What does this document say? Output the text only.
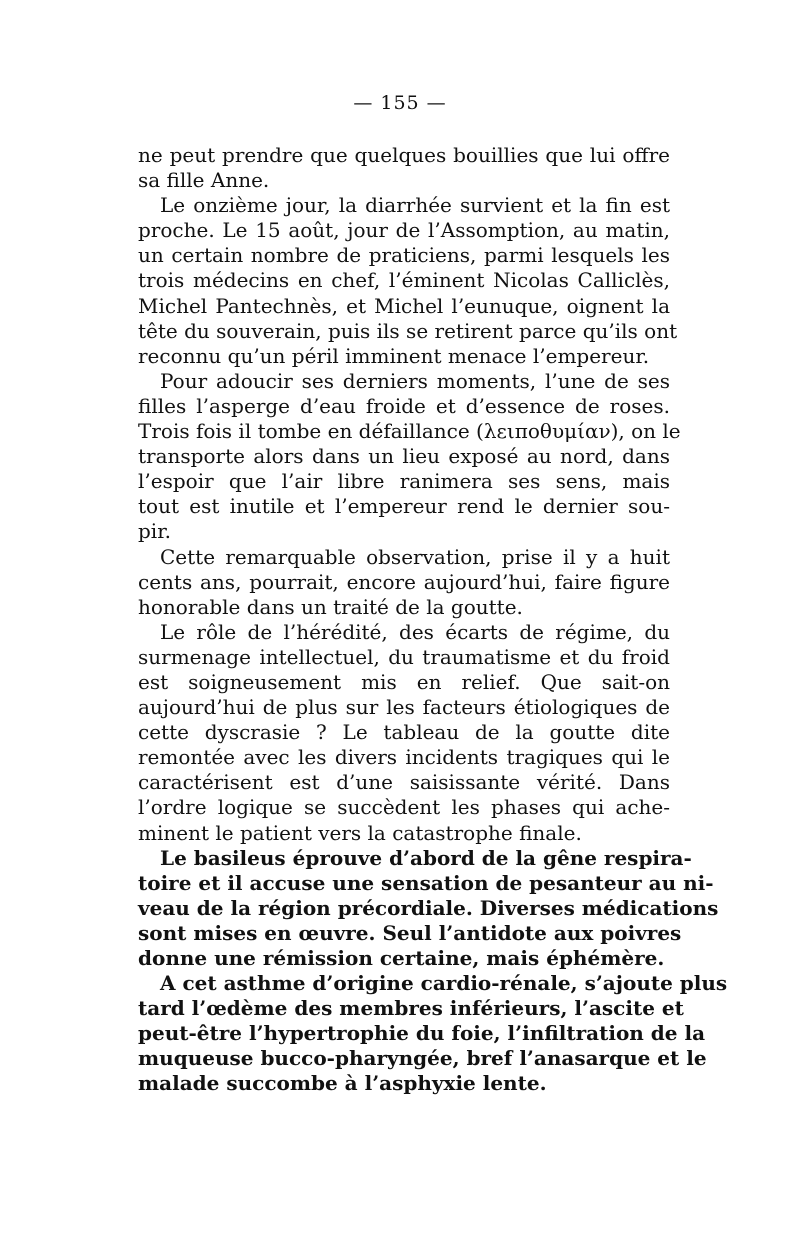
— 155 —

ne peut prendre que quelques bouillies que lui offre
sa fille Anne.

Le onzième jour, la diarrhée survient et la fin est
proche. Le 15 août, jour de l’Assomption, au matin,
un certain nombre de praticiens, parmi lesquels les
trois médecins en chef, l’éminent Nicolas Calliclès,
Michel Pantechnès, et Michel l’eunuque, oignent la
tête du souverain, puis ils se retirent parce qu’ils ont
reconnu qu’un péril imminent menace l’empereur.

Pour adoucir ses derniers moments, l’une de ses
filles l’asperge d’eau froide et d’essence de roses.
Trois fois il tombe en défaillance (λειποθυμίαν), on le
transporte alors dans un lieu exposé au nord, dans
l’espoir que l’air libre ranimera ses sens, mais
tout est inutile et l’empereur rend le dernier sou-
pir.

Cette remarquable observation, prise il y a huit
cents ans, pourrait, encore aujourd’hui, faire figure
honorable dans un traité de la goutte.

Le rôle de l’hérédité, des écarts de régime, du
surmenage intellectuel, du traumatisme et du froid
est soigneusement mis en relief. Que sait-on
aujourd’hui de plus sur les facteurs étiologiques de
cette dyscrasie ? Le tableau de la goutte dite
remontée avec les divers incidents tragiques qui le
caractérisent est d’une saisissante vérité. Dans
l’ordre logique se succèdent les phases qui ache-
minent le patient vers la catastrophe finale.

Le basileus éprouve d’abord de la gêne respira-
toire et il accuse une sensation de pesanteur au ni-
veau de la région précordiale. Diverses médications
sont mises en œuvre. Seul l’antidote aux poivres
donne une rémission certaine, mais éphémère.

A cet asthme d’origine cardio-rénale, s’ajoute plus
tard l’œdème des membres inférieurs, l’ascite et
peut-être l’hypertrophie du foie, l’infiltration de la
muqueuse bucco-pharyngée, bref l’anasarque et le
malade succombe à l’asphyxie lente.
